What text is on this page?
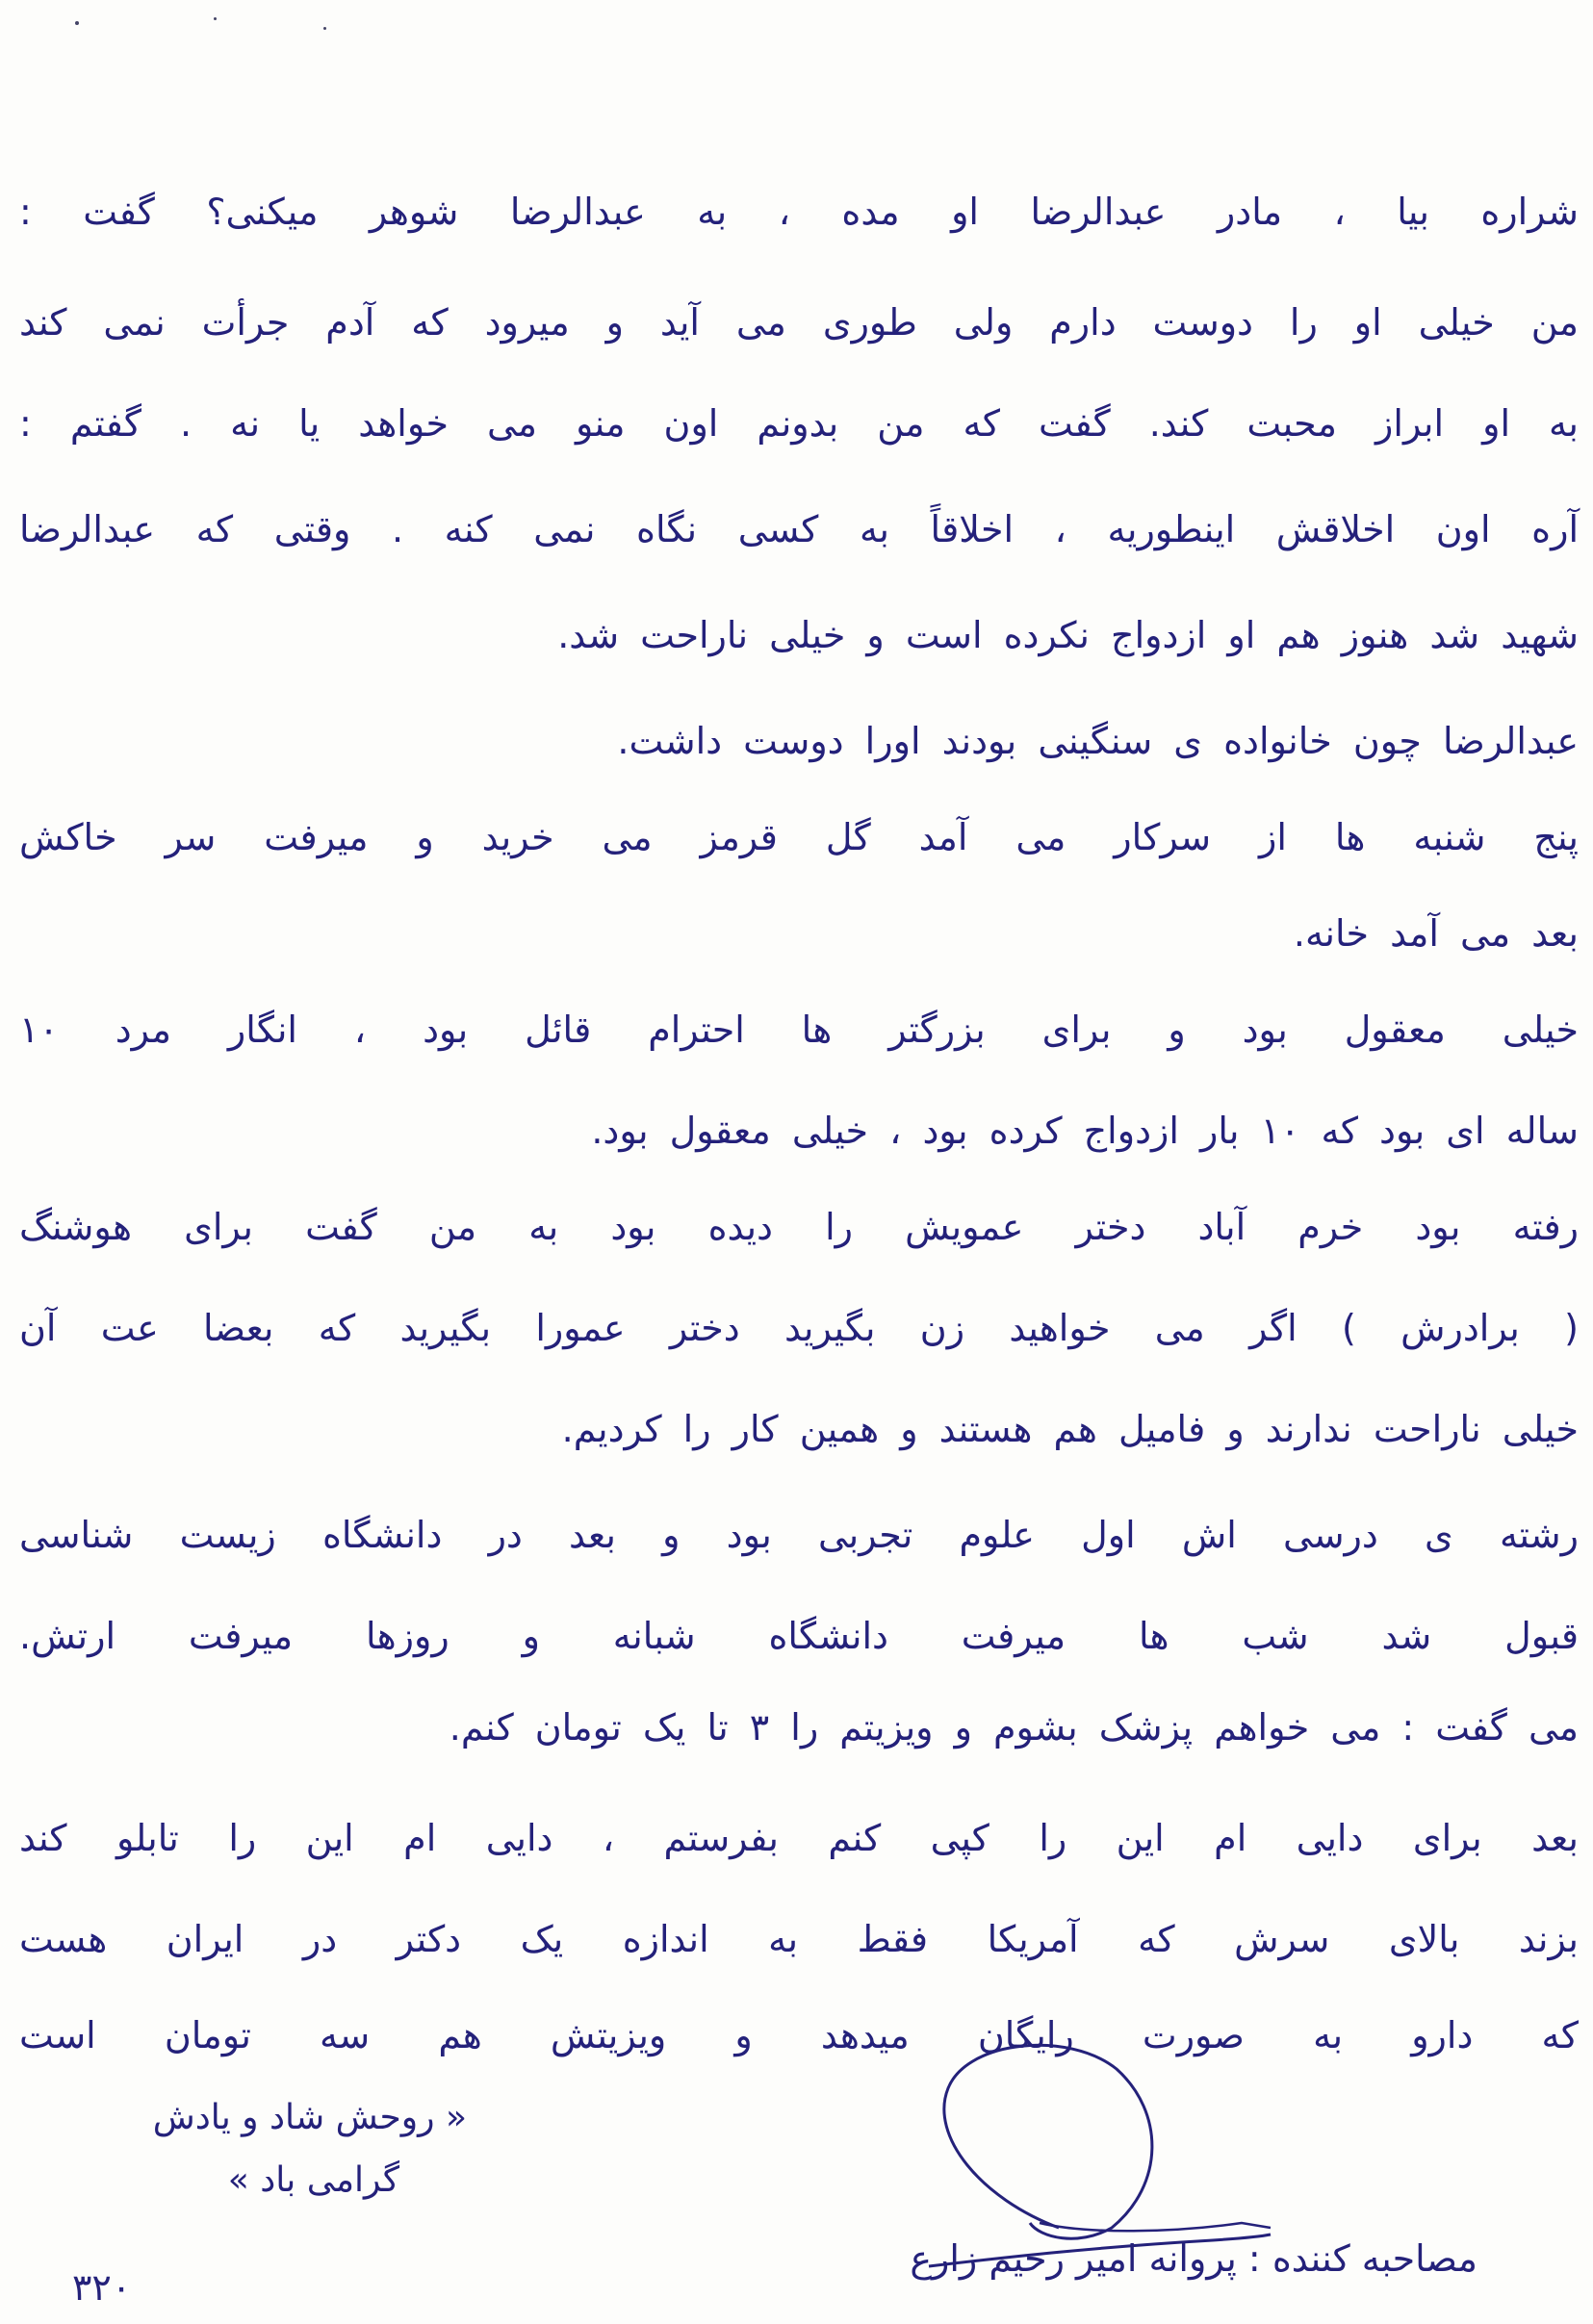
شراره بیا ، مادر عبدالرضا او مده ، به عبدالرضا شوهر میکنی؟ گفت :
من خیلی او را دوست دارم ولی طوری می آید و میرود که آدم جرأت نمی کند
به او ابراز محبت کند. گفت که من بدونم اون منو می خواهد یا نه . گفتم :
آره اون اخلاقش اینطوریه ، اخلاقاً به کسی نگاه نمی کنه . وقتی که عبدالرضا
شهید شد هنوز هم او ازدواج نکرده است و خیلی ناراحت شد.
عبدالرضا چون خانواده ی سنگینی بودند اورا دوست داشت.
پنج شنبه ها از سرکار می آمد گل قرمز می خرید و میرفت سر خاکش
بعد می آمد خانه.
خیلی معقول بود و برای بزرگتر ها احترام قائل بود ، انگار مرد ۱۰
ساله ای بود که ۱۰ بار ازدواج کرده بود ، خیلی معقول بود.
رفته بود خرم آباد دختر عمویش را دیده بود به من گفت برای هوشنگ
( برادرش ) اگر می خواهید زن بگیرید دختر عمورا بگیرید که بعضا عت آن
خیلی ناراحت ندارند و فامیل هم هستند و همین کار را کردیم.
رشته ی درسی اش اول علوم تجربی بود و بعد در دانشگاه زیست شناسی
قبول شد شب ها میرفت دانشگاه شبانه و روزها میرفت ارتش.
می گفت : می خواهم پزشک بشوم و ویزیتم را ۳ تا یک تومان کنم.
بعد برای دایی ام این را کپی کنم بفرستم ، دایی ام این را تابلو کند
بزند بالای سرش که آمریکا فقط به اندازه یک دکتر در ایران هست
که دارو به صورت رایگان میدهد و ویزیتش هم سه تومان است
« روحش شاد و یادش
گرامی باد »
مصاحبه کننده : پروانه امیر رحیم زارع
۳۲۰
